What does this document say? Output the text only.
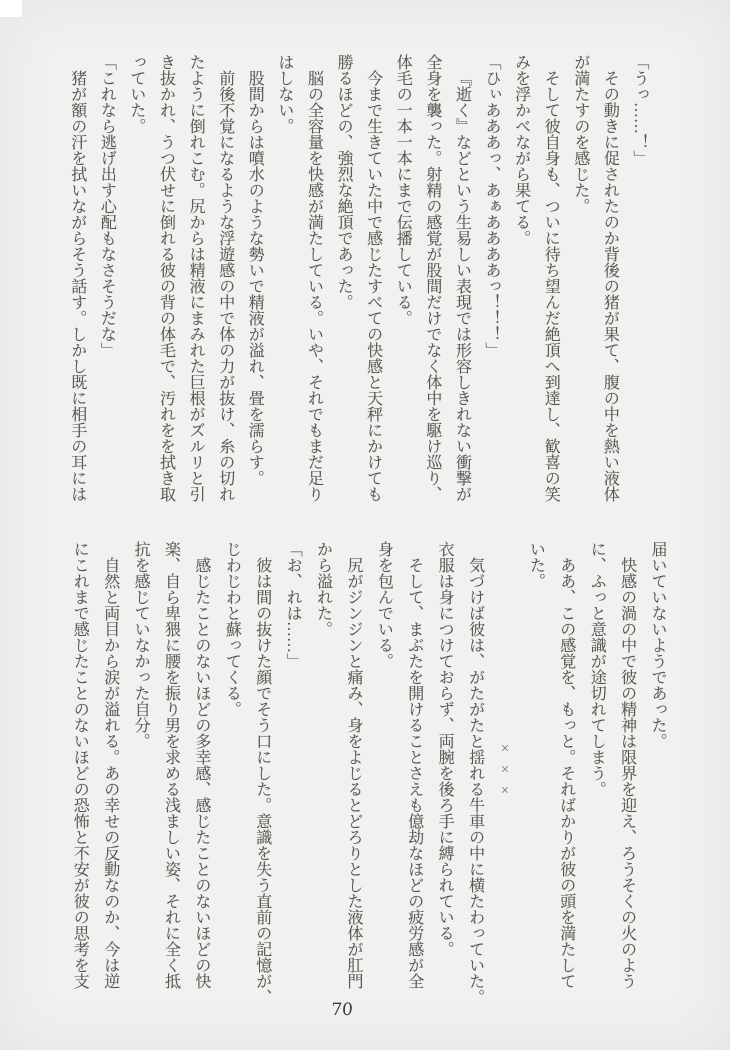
「うっ……！」
その動きに促されたのか背後の猪が果て、腹の中を熱い液体
が満たすのを感じた。
そして彼自身も、ついに待ち望んだ絶頂へ到達し、歓喜の笑
みを浮かべながら果てる。
「ひぃあああっ、あぁああああっ！！！」
『逝く』などという生易しい表現では形容しきれない衝撃が
全身を襲った。射精の感覚が股間だけでなく体中を駆け巡り、
体毛の一本一本にまで伝播している。
今まで生きていた中で感じたすべての快感と天秤にかけても
勝るほどの、強烈な絶頂であった。
脳の全容量を快感が満たしている。いや、それでもまだ足り
はしない。
股間からは噴水のような勢いで精液が溢れ、畳を濡らす。
前後不覚になるような浮遊感の中で体の力が抜け、糸の切れ
たように倒れこむ。尻からは精液にまみれた巨根がズルリと引
き抜かれ、うつ伏せに倒れる彼の背の体毛で、汚れをを拭き取
っていた。
「これなら逃げ出す心配もなさそうだな」
猪が額の汗を拭いながらそう話す。しかし既に相手の耳には
届いていないようであった。
快感の渦の中で彼の精神は限界を迎え、ろうそくの火のよう
に、ふっと意識が途切れてしまう。
ああ、この感覚を、もっと。そればかりが彼の頭を満たして
いた。
×××
気づけば彼は、がたがたと揺れる牛車の中に横たわっていた。
衣服は身につけておらず、両腕を後ろ手に縛られている。
そして、まぶたを開けることさえも億劫なほどの疲労感が全
身を包んでいる。
尻がジンジンと痛み、身をよじるとどろりとした液体が肛門
から溢れた。
「お、れは……」
彼は間の抜けた顔でそう口にした。意識を失う直前の記憶が、
じわじわと蘇ってくる。
感じたことのないほどの多幸感、感じたことのないほどの快
楽、自ら卑猥に腰を振り男を求める浅ましい姿、それに全く抵
抗を感じていなかった自分。
自然と両目から涙が溢れる。あの幸せの反動なのか、今は逆
にこれまで感じたことのないほどの恐怖と不安が彼の思考を支
70
